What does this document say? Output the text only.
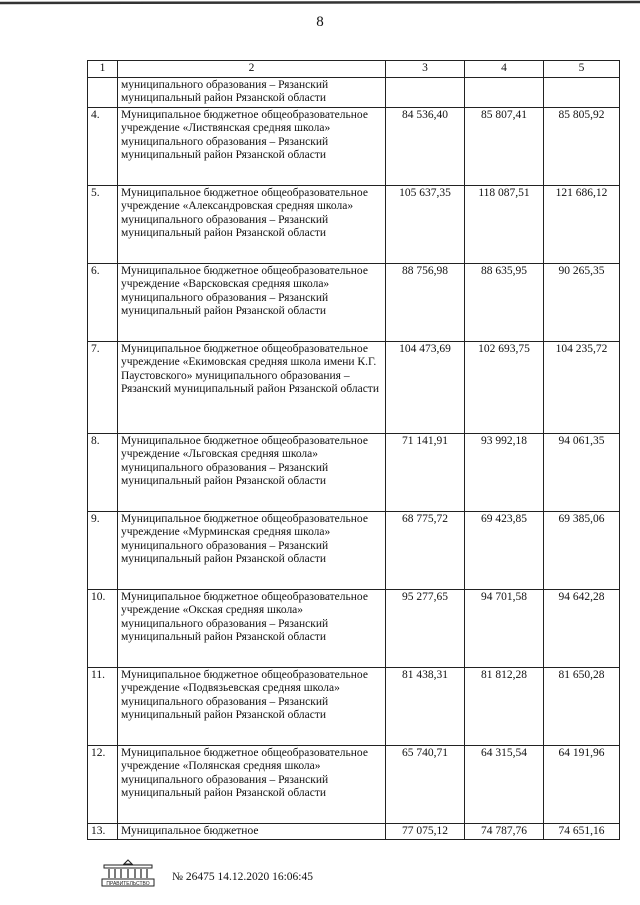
8
1	2	3	4	5
	муниципального образования – Рязанский муниципальный район Рязанской области			
4.	Муниципальное бюджетное общеобразовательное учреждение «Листвянская средняя школа» муниципального образования – Рязанский муниципальный район Рязанской области	84 536,40	85 807,41	85 805,92
5.	Муниципальное бюджетное общеобразовательное учреждение «Александровская средняя школа» муниципального образования – Рязанский муниципальный район Рязанской области	105 637,35	118 087,51	121 686,12
6.	Муниципальное бюджетное общеобразовательное учреждение «Варсковская средняя школа» муниципального образования – Рязанский муниципальный район Рязанской области	88 756,98	88 635,95	90 265,35
7.	Муниципальное бюджетное общеобразовательное учреждение «Екимовская средняя школа имени К.Г. Паустовского» муниципального образования – Рязанский муниципальный район Рязанской области	104 473,69	102 693,75	104 235,72
8.	Муниципальное бюджетное общеобразовательное учреждение «Льговская средняя школа» муниципального образования – Рязанский муниципальный район Рязанской области	71 141,91	93 992,18	94 061,35
9.	Муниципальное бюджетное общеобразовательное учреждение «Мурминская средняя школа» муниципального образования – Рязанский муниципальный район Рязанской области	68 775,72	69 423,85	69 385,06
10.	Муниципальное бюджетное общеобразовательное учреждение «Окская средняя школа» муниципального образования – Рязанский муниципальный район Рязанской области	95 277,65	94 701,58	94 642,28
11.	Муниципальное бюджетное общеобразовательное учреждение «Подвязьевская средняя школа» муниципального образования – Рязанский муниципальный район Рязанской области	81 438,31	81 812,28	81 650,28
12.	Муниципальное бюджетное общеобразовательное учреждение «Полянская средняя школа» муниципального образования – Рязанский муниципальный район Рязанской области	65 740,71	64 315,54	64 191,96
13.	Муниципальное бюджетное	77 075,12	74 787,76	74 651,16
ПРАВИТЕЛЬСТВО
№ 26475 14.12.2020 16:06:45
